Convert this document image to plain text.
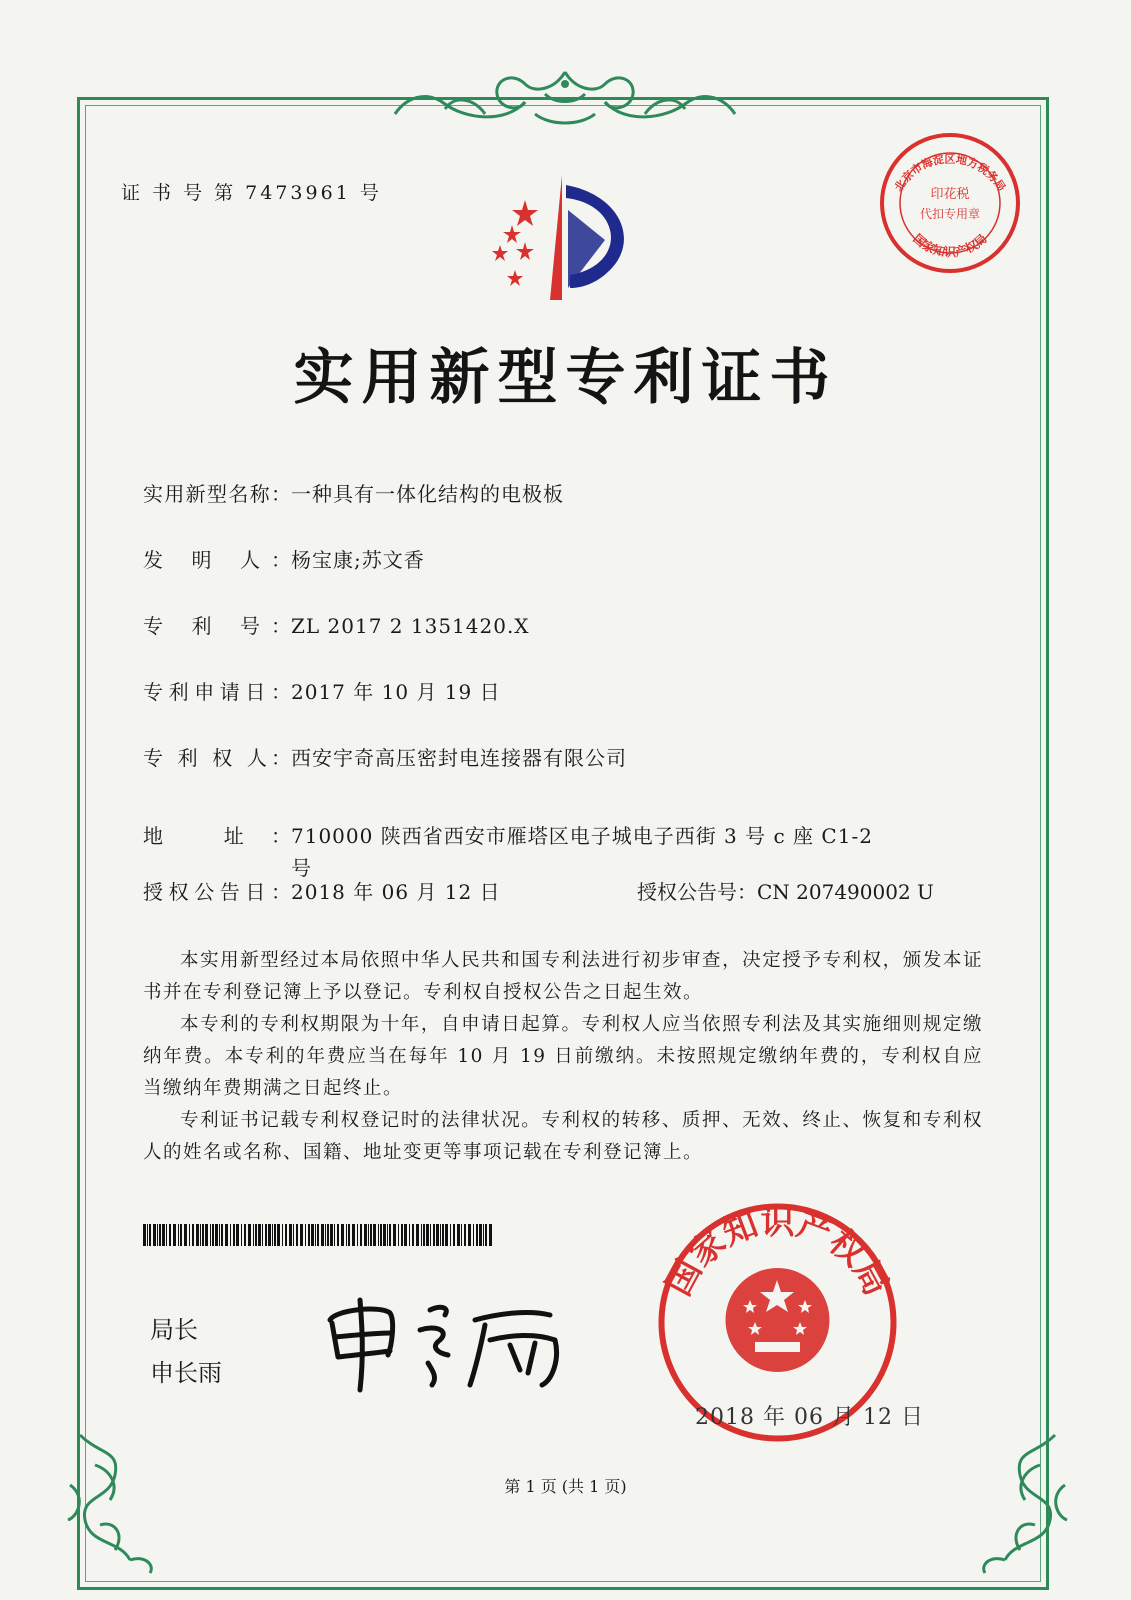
证 书 号 第 7473961 号	北京市海淀区地方税务局
印花税
代扣专用章
国家知识产权局
实用新型专利证书
实用新型名称：一种具有一体化结构的电极板
发 明 人：杨宝康;苏文香
专 利 号：ZL 2017 2 1351420.X
专利申请日：2017 年 10 月 19 日
专 利 权 人：西安宇奇高压密封电连接器有限公司
地 址：710000 陕西省西安市雁塔区电子城电子西街 3 号 c 座 C1-2
号
授权公告日：2018 年 06 月 12 日	授权公告号：CN 207490002 U

本实用新型经过本局依照中华人民共和国专利法进行初步审查，决定授予专利权，颁发本证书并在专利登记簿上予以登记。专利权自授权公告之日起生效。

本专利的专利权期限为十年，自申请日起算。专利权人应当依照专利法及其实施细则规定缴纳年费。本专利的年费应当在每年 10 月 19 日前缴纳。未按照规定缴纳年费的，专利权自应当缴纳年费期满之日起终止。

专利证书记载专利权登记时的法律状况。专利权的转移、质押、无效、终止、恢复和专利权人的姓名或名称、国籍、地址变更等事项记载在专利登记簿上。

局长
申长雨
国家知识产权局
2018 年 06 月 12 日
第 1 页 (共 1 页)
